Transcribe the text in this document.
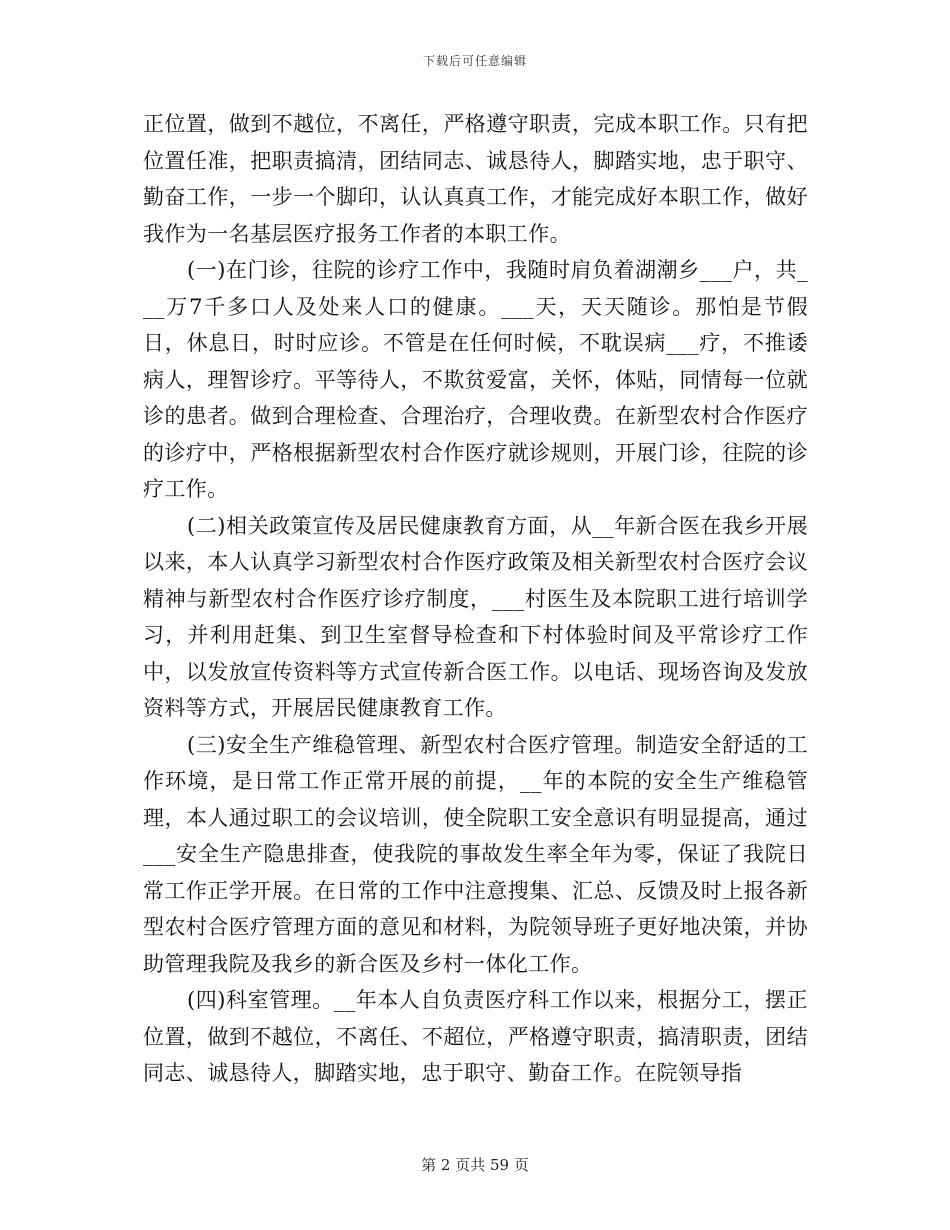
下载后可任意编辑

正位置，做到不越位，不离任，严格遵守职责，完成本职工作。只有把位置任准，把职责搞清，团结同志、诚恳待人，脚踏实地，忠于职守、勤奋工作，一步一个脚印，认认真真工作，才能完成好本职工作，做好我作为一名基层医疗报务工作者的本职工作。

(一)在门诊，往院的诊疗工作中，我随时肩负着湖潮乡___户，共___万7千多口人及处来人口的健康。___天，天天随诊。那怕是节假日，休息日，时时应诊。不管是在任何时候，不耽误病___疗，不推诿病人，理智诊疗。平等待人，不欺贫爱富，关怀，体贴，同情每一位就诊的患者。做到合理检查、合理治疗，合理收费。在新型农村合作医疗的诊疗中，严格根据新型农村合作医疗就诊规则，开展门诊，往院的诊疗工作。

(二)相关政策宣传及居民健康教育方面，从__年新合医在我乡开展以来，本人认真学习新型农村合作医疗政策及相关新型农村合医疗会议精神与新型农村合作医疗诊疗制度，___村医生及本院职工进行培训学习，并利用赶集、到卫生室督导检查和下村体验时间及平常诊疗工作中，以发放宣传资料等方式宣传新合医工作。以电话、现场咨询及发放资料等方式，开展居民健康教育工作。

(三)安全生产维稳管理、新型农村合医疗管理。制造安全舒适的工作环境，是日常工作正常开展的前提，__年的本院的安全生产维稳管理，本人通过职工的会议培训，使全院职工安全意识有明显提高，通过___安全生产隐患排查，使我院的事故发生率全年为零，保证了我院日常工作正学开展。在日常的工作中注意搜集、汇总、反馈及时上报各新型农村合医疗管理方面的意见和材料，为院领导班子更好地决策，并协助管理我院及我乡的新合医及乡村一体化工作。

(四)科室管理。__年本人自负责医疗科工作以来，根据分工，摆正位置，做到不越位，不离任、不超位，严格遵守职责，搞清职责，团结同志、诚恳待人，脚踏实地，忠于职守、勤奋工作。在院领导指

第 2 页共 59 页
